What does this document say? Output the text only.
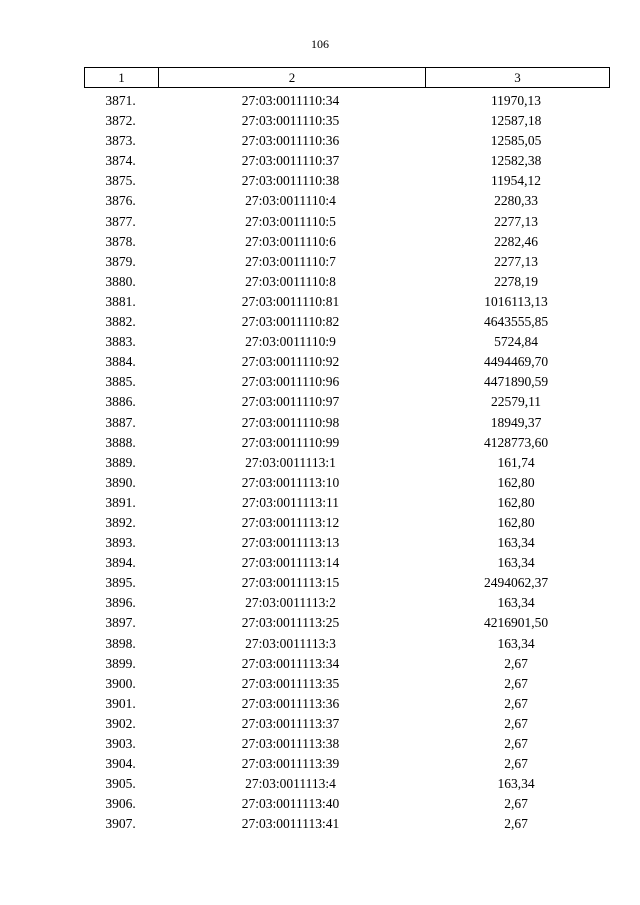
106
1	2	3
3871.	27:03:0011110:34	11970,13
3872.	27:03:0011110:35	12587,18
3873.	27:03:0011110:36	12585,05
3874.	27:03:0011110:37	12582,38
3875.	27:03:0011110:38	11954,12
3876.	27:03:0011110:4	2280,33
3877.	27:03:0011110:5	2277,13
3878.	27:03:0011110:6	2282,46
3879.	27:03:0011110:7	2277,13
3880.	27:03:0011110:8	2278,19
3881.	27:03:0011110:81	1016113,13
3882.	27:03:0011110:82	4643555,85
3883.	27:03:0011110:9	5724,84
3884.	27:03:0011110:92	4494469,70
3885.	27:03:0011110:96	4471890,59
3886.	27:03:0011110:97	22579,11
3887.	27:03:0011110:98	18949,37
3888.	27:03:0011110:99	4128773,60
3889.	27:03:0011113:1	161,74
3890.	27:03:0011113:10	162,80
3891.	27:03:0011113:11	162,80
3892.	27:03:0011113:12	162,80
3893.	27:03:0011113:13	163,34
3894.	27:03:0011113:14	163,34
3895.	27:03:0011113:15	2494062,37
3896.	27:03:0011113:2	163,34
3897.	27:03:0011113:25	4216901,50
3898.	27:03:0011113:3	163,34
3899.	27:03:0011113:34	2,67
3900.	27:03:0011113:35	2,67
3901.	27:03:0011113:36	2,67
3902.	27:03:0011113:37	2,67
3903.	27:03:0011113:38	2,67
3904.	27:03:0011113:39	2,67
3905.	27:03:0011113:4	163,34
3906.	27:03:0011113:40	2,67
3907.	27:03:0011113:41	2,67
